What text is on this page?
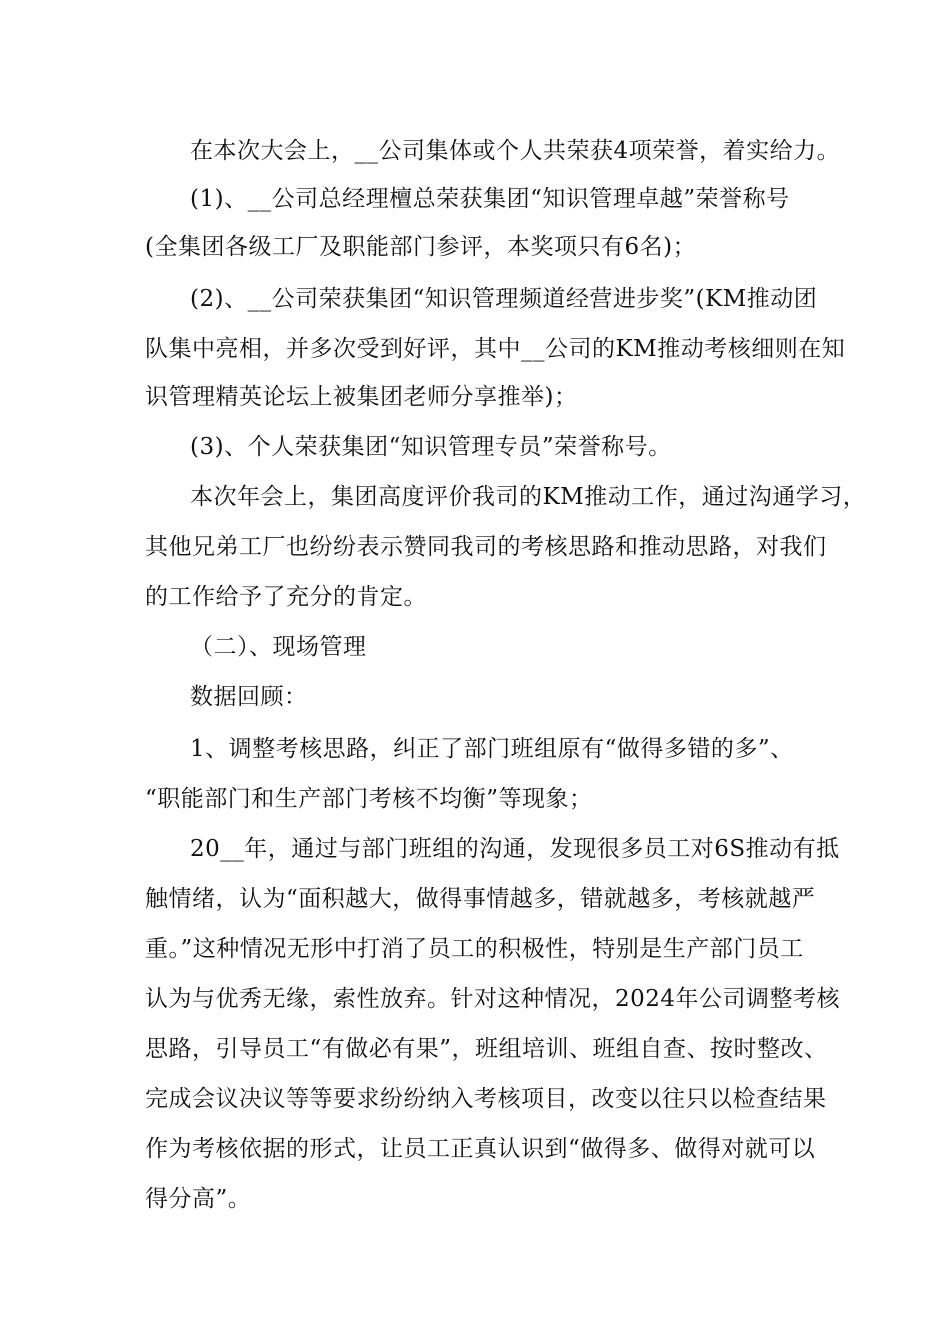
在本次大会上，__公司集体或个人共荣获4项荣誉，着实给力。
(1)、__公司总经理檀总荣获集团“知识管理卓越”荣誉称号
(全集团各级工厂及职能部门参评，本奖项只有6名)；
(2)、__公司荣获集团“知识管理频道经营进步奖”(KM推动团
队集中亮相，并多次受到好评，其中__公司的KM推动考核细则在知
识管理精英论坛上被集团老师分享推举)；
(3)、个人荣获集团“知识管理专员”荣誉称号。
本次年会上，集团高度评价我司的KM推动工作，通过沟通学习，
其他兄弟工厂也纷纷表示赞同我司的考核思路和推动思路，对我们
的工作给予了充分的肯定。
（二）、现场管理
数据回顾：
1、调整考核思路，纠正了部门班组原有“做得多错的多”、
“职能部门和生产部门考核不均衡”等现象；
20__年，通过与部门班组的沟通，发现很多员工对6S推动有抵
触情绪，认为“面积越大，做得事情越多，错就越多，考核就越严
重。”这种情况无形中打消了员工的积极性，特别是生产部门员工
认为与优秀无缘，索性放弃。针对这种情况，2024年公司调整考核
思路，引导员工“有做必有果”，班组培训、班组自查、按时整改、
完成会议决议等等要求纷纷纳入考核项目，改变以往只以检查结果
作为考核依据的形式，让员工正真认识到“做得多、做得对就可以
得分高”。
